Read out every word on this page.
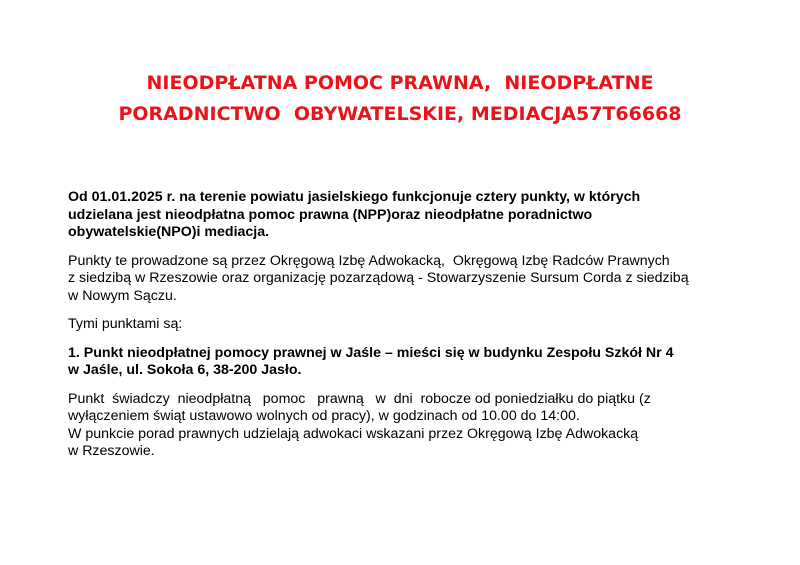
NIEODPŁATNA POMOC PRAWNA,  NIEODPŁATNE
PORADNICTWO  OBYWATELSKIE, MEDIACJA57T66668

Od 01.01.2025 r. na terenie powiatu jasielskiego funkcjonuje cztery punkty, w których
udzielana jest nieodpłatna pomoc prawna (NPP)oraz nieodpłatne poradnictwo
obywatelskie(NPO)i mediacja.

Punkty te prowadzone są przez Okręgową Izbę Adwokacką,  Okręgową Izbę Radców Prawnych
z siedzibą w Rzeszowie oraz organizację pozarządową - Stowarzyszenie Sursum Corda z siedzibą
w Nowym Sączu.

Tymi punktami są:

1. Punkt nieodpłatnej pomocy prawnej w Jaśle – mieści się w budynku Zespołu Szkół Nr 4
w Jaśle, ul. Sokoła 6, 38-200 Jasło.

Punkt  świadczy  nieodpłatną   pomoc   prawną   w  dni  robocze od poniedziałku do piątku (z
wyłączeniem świąt ustawowo wolnych od pracy), w godzinach od 10.00 do 14:00.
W punkcie porad prawnych udzielają adwokaci wskazani przez Okręgową Izbę Adwokacką
w Rzeszowie.
